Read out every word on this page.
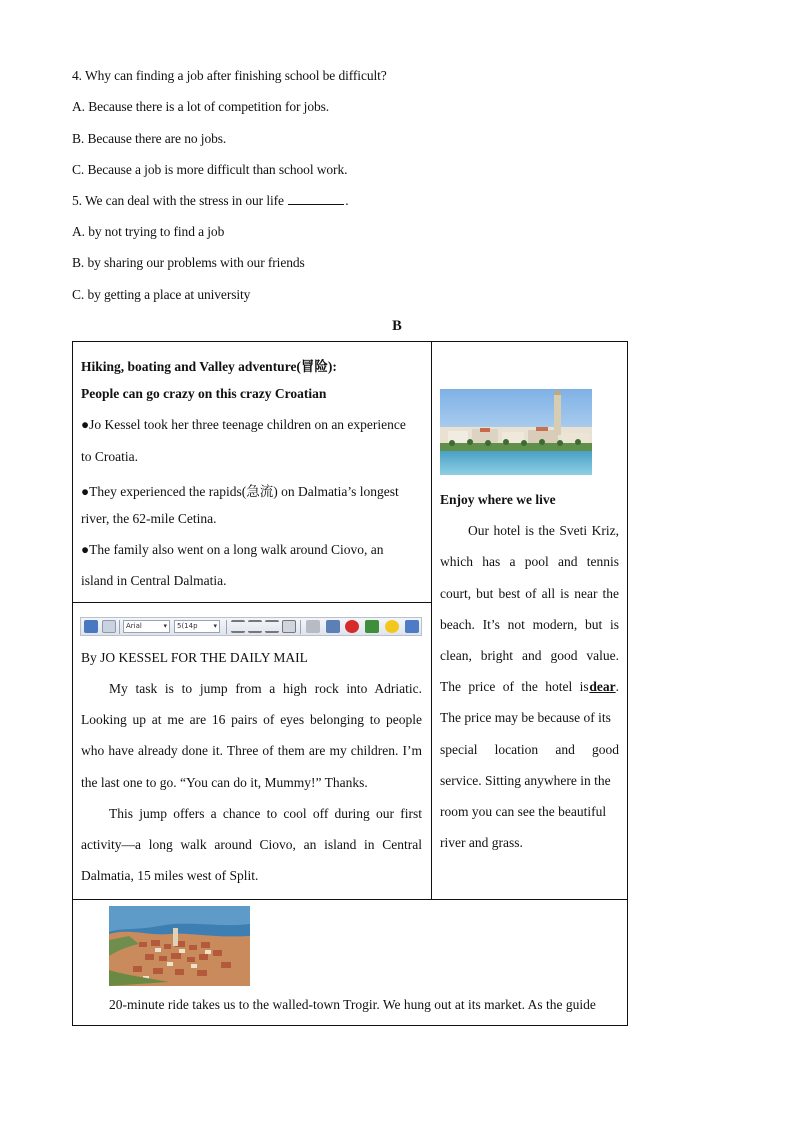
4. Why can finding a job after finishing school be difficult?
A. Because there is a lot of competition for jobs.
B. Because there are no jobs.
C. Because a job is more difficult than school work.
5. We can deal with the stress in our life	.
A. by not trying to find a job
B. by sharing our problems with our friends
C. by getting a place at university
B
Hiking, boating and Valley adventure(冒险):
People can go crazy on this crazy Croatian
●Jo Kessel took her three teenage children on an experience
to Croatia.
●They experienced the rapids(急流) on Dalmatia’s longest
river, the 62-mile Cetina.
●The family also went on a long walk around Ciovo, an
island in Central Dalmatia.
Arial	▾	5(14p ▾
By JO KESSEL FOR THE DAILY MAIL
My task is to jump from a high rock into Adriatic.
Looking up at me are 16 pairs of eyes belonging to people
who have already done it. Three of them are my children. I’m
the last one to go. “You can do it, Mummy!” Thanks.
This jump offers a chance to cool off during our first
activity—a long walk around Ciovo, an island in Central
Dalmatia, 15 miles west of Split.
Enjoy where we live
Our hotel is the Sveti Kriz,
which has a pool and tennis
court, but best of all is near the
beach. It’s not modern, but is
clean, bright and good value.
The price of the hotel is dear.
The price may be because of its
special location and good
service. Sitting anywhere in the
room you can see the beautiful
river and grass.
20-minute ride takes us to the walled-town Trogir. We hung out at its market. As the guide
